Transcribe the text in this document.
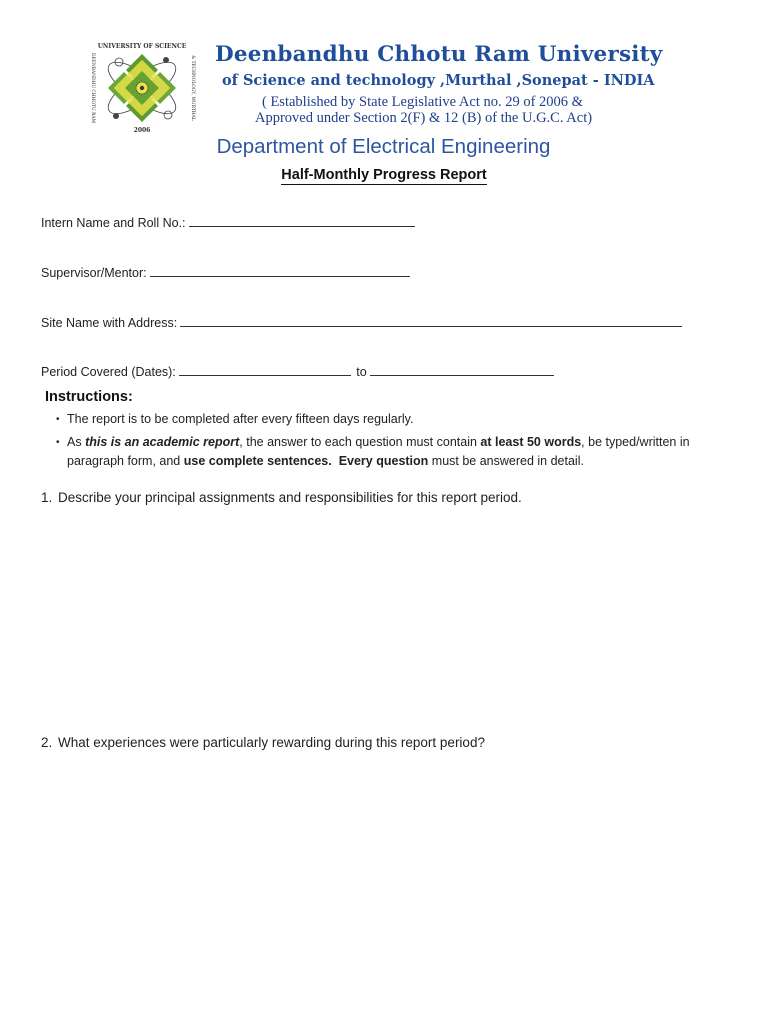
UNIVERSITY OF SCIENCE
2006
DEENBANDHU CHHOTU RAM	& TECHNOLOGY, MURTHAL
Deenbandhu Chhotu Ram University
of Science and technology ,Murthal ,Sonepat - INDIA
( Established by State Legislative Act no. 29 of 2006 &
Approved under Section 2(F) & 12 (B) of the U.G.C. Act)
Department of Electrical Engineering
Half-Monthly Progress Report
Intern Name and Roll No.:
Supervisor/Mentor:
Site Name with Address:
Period Covered (Dates):	to
Instructions:
• The report is to be completed after every fifteen days regularly.
• As this is an academic report, the answer to each question must contain at least 50 words, be typed/written in
paragraph form, and use complete sentences. Every question must be answered in detail.
1. Describe your principal assignments and responsibilities for this report period.
2. What experiences were particularly rewarding during this report period?
